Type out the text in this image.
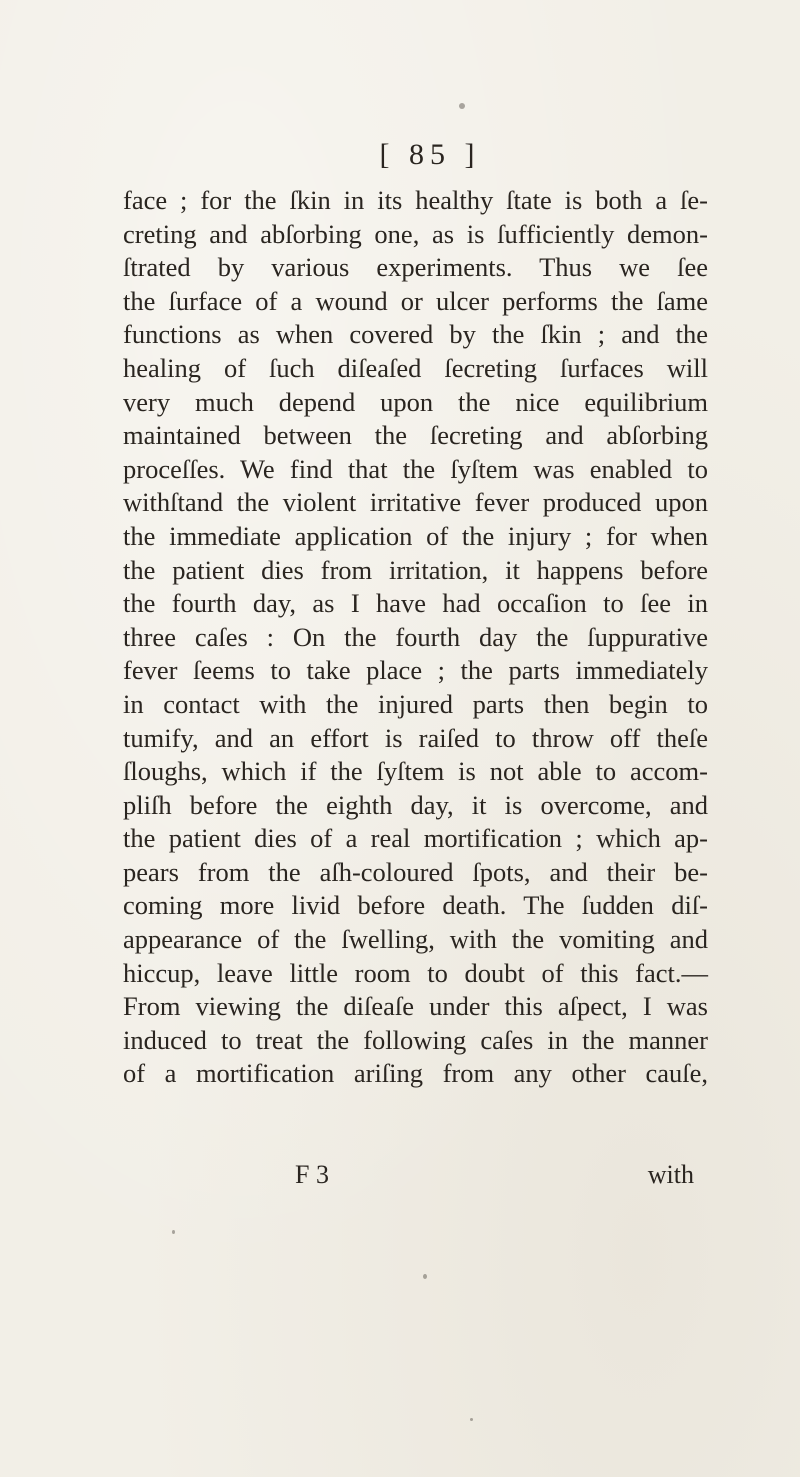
[ 85 ]
face ; for the ſkin in its healthy ſtate is both a ſe-
creting and abſorbing one, as is ſufficiently demon-
ſtrated by various experiments. Thus we ſee
the ſurface of a wound or ulcer performs the ſame
functions as when covered by the ſkin ; and the
healing of ſuch diſeaſed ſecreting ſurfaces will
very much depend upon the nice equilibrium
maintained between the ſecreting and abſorbing
proceſſes. We find that the ſyſtem was enabled to
withſtand the violent irritative fever produced upon
the immediate application of the injury ; for when
the patient dies from irritation, it happens before
the fourth day, as I have had occaſion to ſee in
three caſes : On the fourth day the ſuppurative
fever ſeems to take place ; the parts immediately
in contact with the injured parts then begin to
tumify, and an effort is raiſed to throw off theſe
ſloughs, which if the ſyſtem is not able to accom-
pliſh before the eighth day, it is overcome, and
the patient dies of a real mortification ; which ap-
pears from the aſh-coloured ſpots, and their be-
coming more livid before death. The ſudden diſ-
appearance of the ſwelling, with the vomiting and
hiccup, leave little room to doubt of this fact.—
From viewing the diſeaſe under this aſpect, I was
induced to treat the following caſes in the manner
of a mortification ariſing from any other cauſe,
F 3	with
